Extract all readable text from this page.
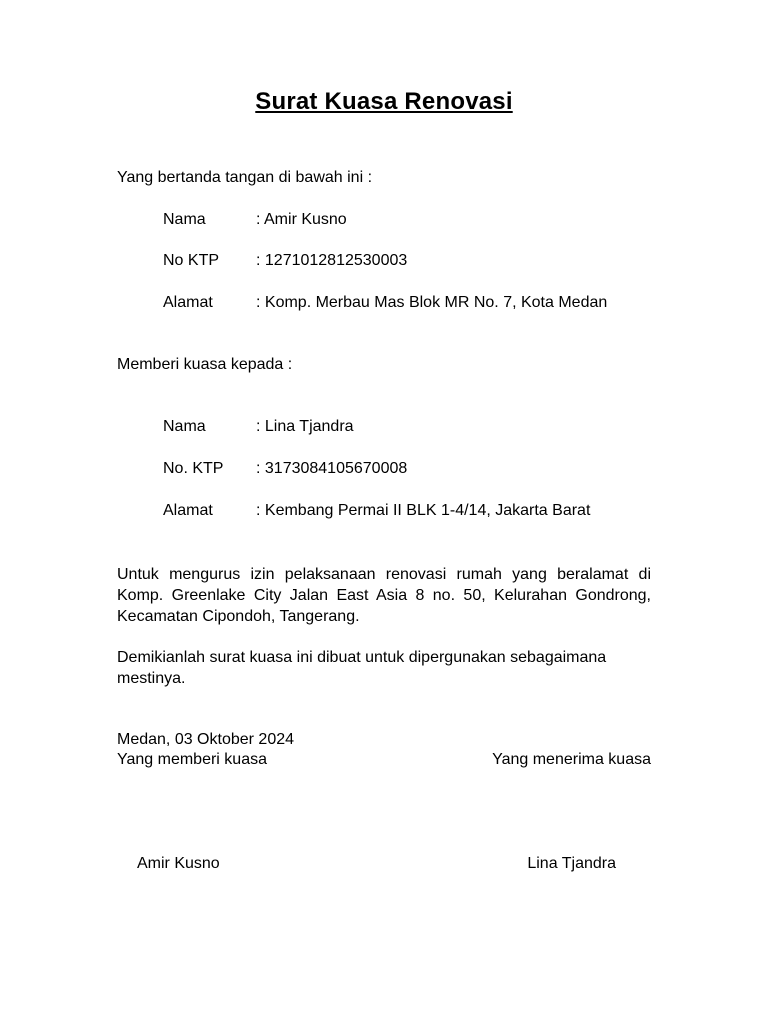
Surat Kuasa Renovasi
Yang bertanda tangan di bawah ini :
Nama	: Amir Kusno
No KTP : 1271012812530003
Alamat	: Komp. Merbau Mas Blok MR No. 7, Kota Medan
Memberi kuasa kepada :
Nama	: Lina Tjandra
No. KTP : 3173084105670008
Alamat	: Kembang Permai II BLK 1-4/14, Jakarta Barat
Untuk mengurus izin pelaksanaan renovasi rumah yang beralamat di Komp. Greenlake City Jalan East Asia 8 no. 50, Kelurahan Gondrong, Kecamatan Cipondoh, Tangerang.
Demikianlah surat kuasa ini dibuat untuk dipergunakan sebagaimana mestinya.
Medan, 03 Oktober 2024
Yang memberi kuasa	Yang menerima kuasa
Amir Kusno	Lina Tjandra
